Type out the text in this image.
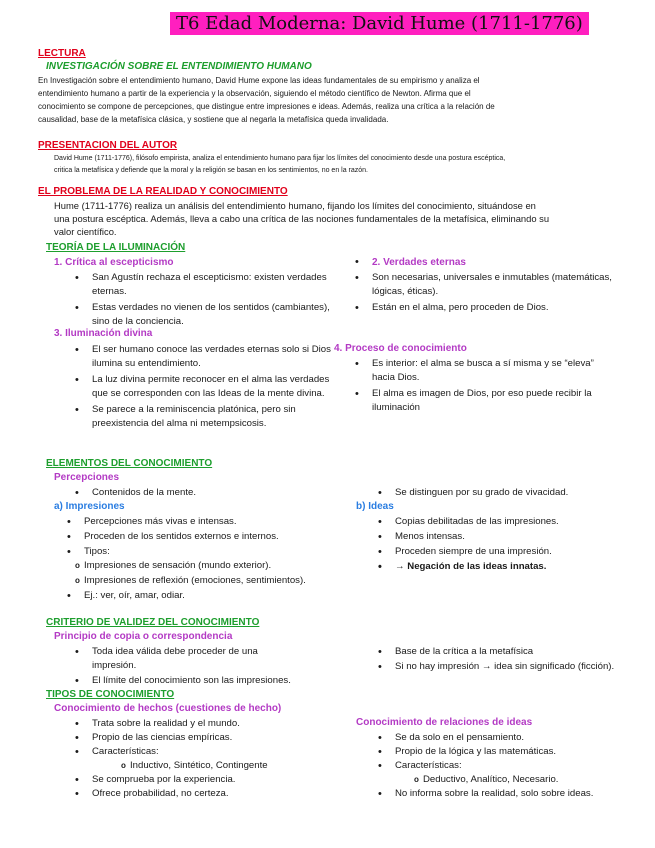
T6 Edad Moderna: David Hume (1711-1776)
LECTURA
INVESTIGACIÓN SOBRE EL ENTENDIMIENTO HUMANO
En Investigación sobre el entendimiento humano, David Hume expone las ideas fundamentales de su empirismo y analiza el
entendimiento humano a partir de la experiencia y la observación, siguiendo el método científico de Newton. Afirma que el
conocimiento se compone de percepciones, que distingue entre impresiones e ideas. Además, realiza una crítica a la relación de
causalidad, base de la metafísica clásica, y sostiene que al negarla la metafísica queda invalidada.
PRESENTACION DEL AUTOR
David Hume (1711-1776), filósofo empirista, analiza el entendimiento humano para fijar los límites del conocimiento desde una postura escéptica,
critica la metafísica y defiende que la moral y la religión se basan en los sentimientos, no en la razón.
EL PROBLEMA DE LA REALIDAD Y CONOCIMIENTO
Hume (1711-1776) realiza un análisis del entendimiento humano, fijando los límites del conocimiento, situándose en
una postura escéptica. Además, lleva a cabo una crítica de las nociones fundamentales de la metafísica, eliminando su
valor científico.
TEORÍA DE LA ILUMINACIÓN
1. Crítica al escepticismo
• San Agustín rechaza el escepticismo: existen verdades eternas.
• Estas verdades no vienen de los sentidos (cambiantes), sino de la conciencia.
3. Iluminación divina
• El ser humano conoce las verdades eternas solo si Dios ilumina su entendimiento.
• La luz divina permite reconocer en el alma las verdades que se corresponden con las Ideas de la mente divina.
• Se parece a la reminiscencia platónica, pero sin preexistencia del alma ni metempsicosis.
2. Verdades eternas
•
• Son necesarias, universales e inmutables (matemáticas, lógicas, éticas).
• Están en el alma, pero proceden de Dios.
4. Proceso de conocimiento
• Es interior: el alma se busca a sí misma y se “eleva” hacia Dios.
• El alma es imagen de Dios, por eso puede recibir la iluminación
ELEMENTOS DEL CONOCIMIENTO
Percepciones
• Contenidos de la mente.
•	Se distinguen por su grado de vivacidad.
a) Impresiones
• Percepciones más vivas e intensas.
• Proceden de los sentidos externos e internos.
• Tipos:
o Impresiones de sensación (mundo exterior).
o Impresiones de reflexión (emociones, sentimientos).
• Ej.: ver, oír, amar, odiar.
b) Ideas
• Copias debilitadas de las impresiones.
• Menos intensas.
• Proceden siempre de una impresión.
• → Negación de las ideas innatas.
CRITERIO DE VALIDEZ DEL CONOCIMIENTO
Principio de copia o correspondencia
• Toda idea válida debe proceder de una impresión.
• El límite del conocimiento son las impresiones.
• Base de la crítica a la metafísica
• Si no hay impresión → idea sin significado (ficción).
TIPOS DE CONOCIMIENTO
Conocimiento de hechos (cuestiones de hecho)
• Trata sobre la realidad y el mundo.
• Propio de las ciencias empíricas.
• Características:
o Inductivo, Sintético, Contingente
• Se comprueba por la experiencia.
• Ofrece probabilidad, no certeza.
Conocimiento de relaciones de ideas
• Se da solo en el pensamiento.
• Propio de la lógica y las matemáticas.
• Características:
o Deductivo, Analítico, Necesario.
• No informa sobre la realidad, solo sobre ideas.
